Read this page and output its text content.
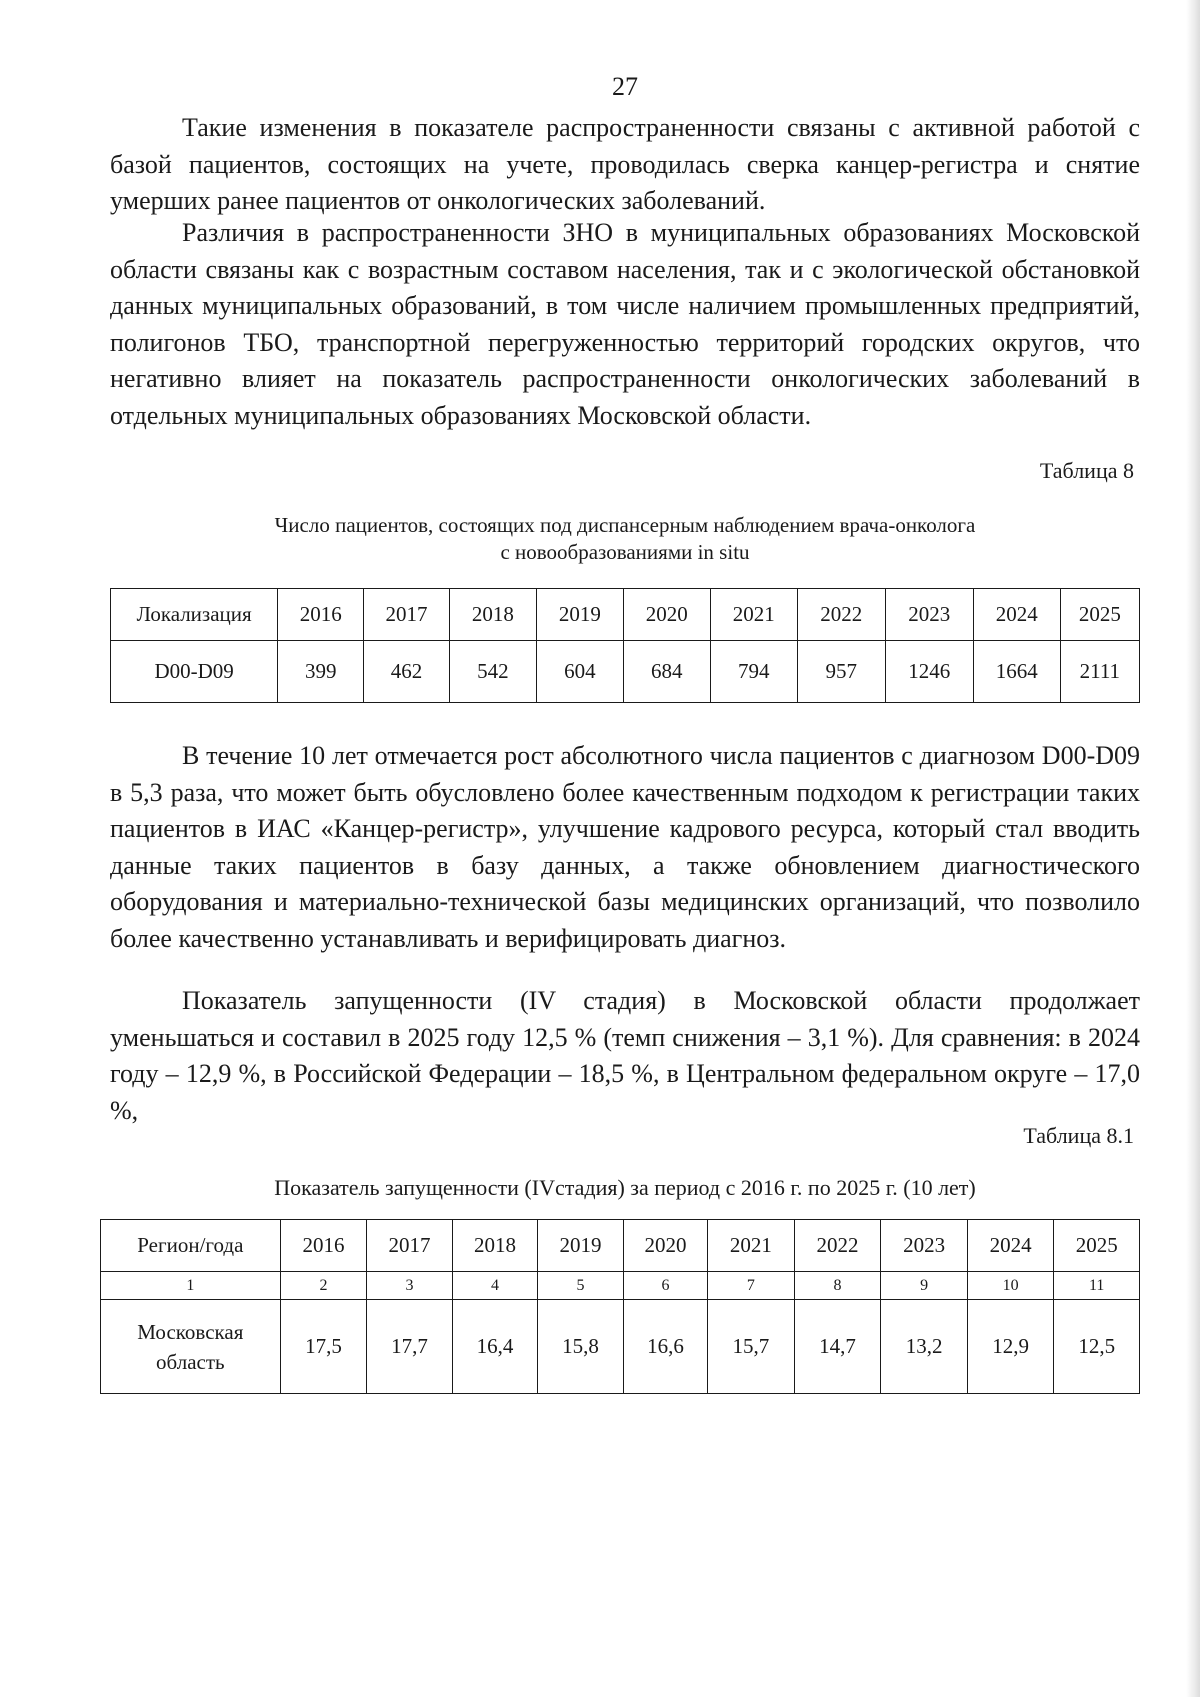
27

Такие изменения в показателе распространенности связаны с активной работой с базой пациентов, состоящих на учете, проводилась сверка канцер-регистра и снятие умерших ранее пациентов от онкологических заболеваний.

Различия в распространенности ЗНО в муниципальных образованиях Московской области связаны как с возрастным составом населения, так и с экологической обстановкой данных муниципальных образований, в том числе наличием промышленных предприятий, полигонов ТБО, транспортной перегруженностью территорий городских округов, что негативно влияет на показатель распространенности онкологических заболеваний в отдельных муниципальных образованиях Московской области.

Таблица 8
Число пациентов, состоящих под диспансерным наблюдением врача-онколога
с новообразованиями in situ
Локализация	2016	2017	2018	2019	2020	2021	2022	2023	2024	2025
D00-D09	399	462	542	604	684	794	957	1246	1664	2111

В течение 10 лет отмечается рост абсолютного числа пациентов с диагнозом D00-D09 в 5,3 раза, что может быть обусловлено более качественным подходом к регистрации таких пациентов в ИАС «Канцер-регистр», улучшение кадрового ресурса, который стал вводить данные таких пациентов в базу данных, а также обновлением диагностического оборудования и материально-технической базы медицинских организаций, что позволило более качественно устанавливать и верифицировать диагноз.

Показатель запущенности (IV стадия) в Московской области продолжает уменьшаться и составил в 2025 году 12,5 % (темп снижения – 3,1 %). Для сравнения: в 2024 году – 12,9 %, в Российской Федерации – 18,5 %, в Центральном федеральном округе – 17,0 %,

Таблица 8.1
Показатель запущенности (IVстадия) за период с 2016 г. по 2025 г. (10 лет)
Регион/года	2016	2017	2018	2019	2020	2021	2022	2023	2024	2025
1	2	3	4	5	6	7	8	9	10	11

Московская
область	17,5	17,7	16,4	15,8	16,6	15,7	14,7	13,2	12,9	12,5
